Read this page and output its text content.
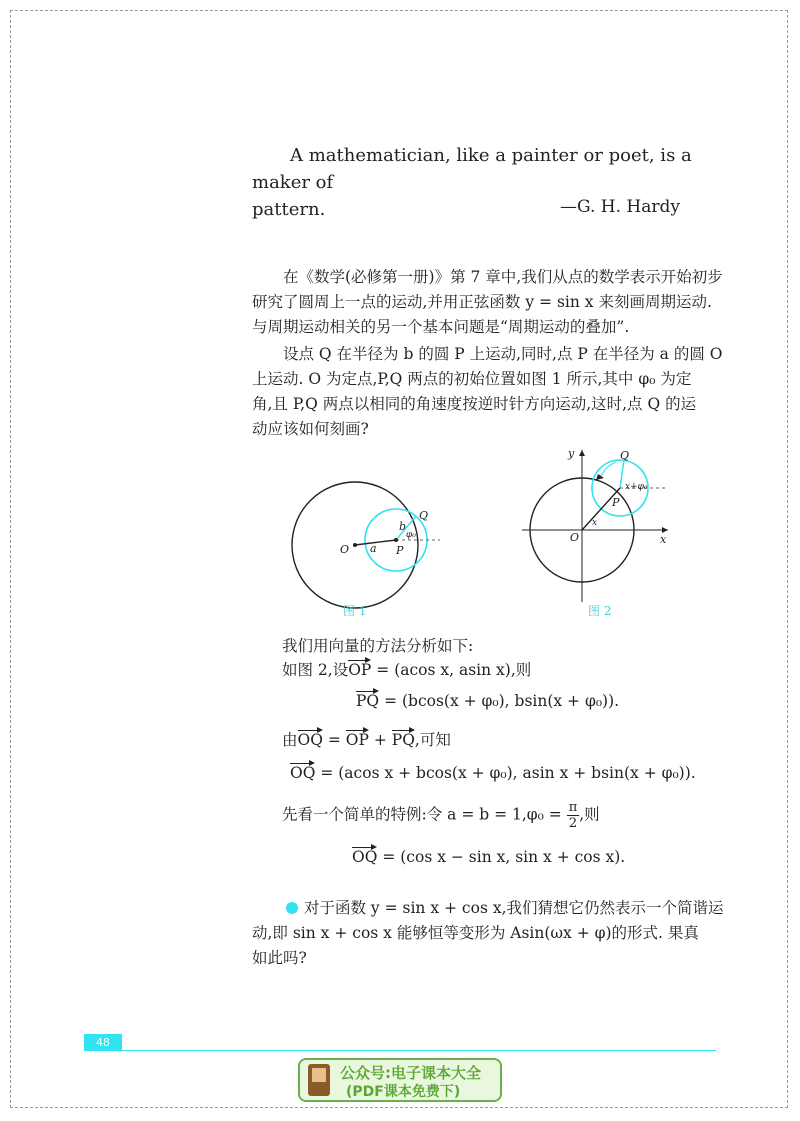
A mathematician, like a painter or poet, is a maker of
pattern.	—G. H. Hardy
在《数学(必修第一册)》第 7 章中,我们从点的数学表示开始初步
研究了圆周上一点的运动,并用正弦函数 y = sin x 来刻画周期运动.
与周期运动相关的另一个基本问题是“周期运动的叠加”.
设点 Q 在半径为 b 的圆 P 上运动,同时,点 P 在半径为 a 的圆 O
上运动. O 为定点,P,Q 两点的初始位置如图 1 所示,其中 φ₀ 为定
角,且 P,Q 两点以相同的角速度按逆时针方向运动,这时,点 Q 的运
动应该如何刻画?
O a P
b
Q
φ₀
y
x
O
P
Q
x
x+φ₀
图 1	图 2
我们用向量的方法分析如下:
如图 2,设OP = (acos x, asin x),则
PQ = (bcos(x + φ₀), bsin(x + φ₀)).
由OQ = OP + PQ,可知
OQ = (acos x + bcos(x + φ₀), asin x + bsin(x + φ₀)).
先看一个简单的特例:令 $a = b = 1,\varphi_0 = \frac{\pi}{2}$ ,则
OQ = (cos x − sin x, sin x + cos x).
对于函数 y = sin x + cos x,我们猜想它仍然表示一个简谐运
动,即 sin x + cos x 能够恒等变形为 Asin(ωx + φ)的形式. 果真
如此吗?
48
公众号:电子课本大全
(PDF课本免费下)
